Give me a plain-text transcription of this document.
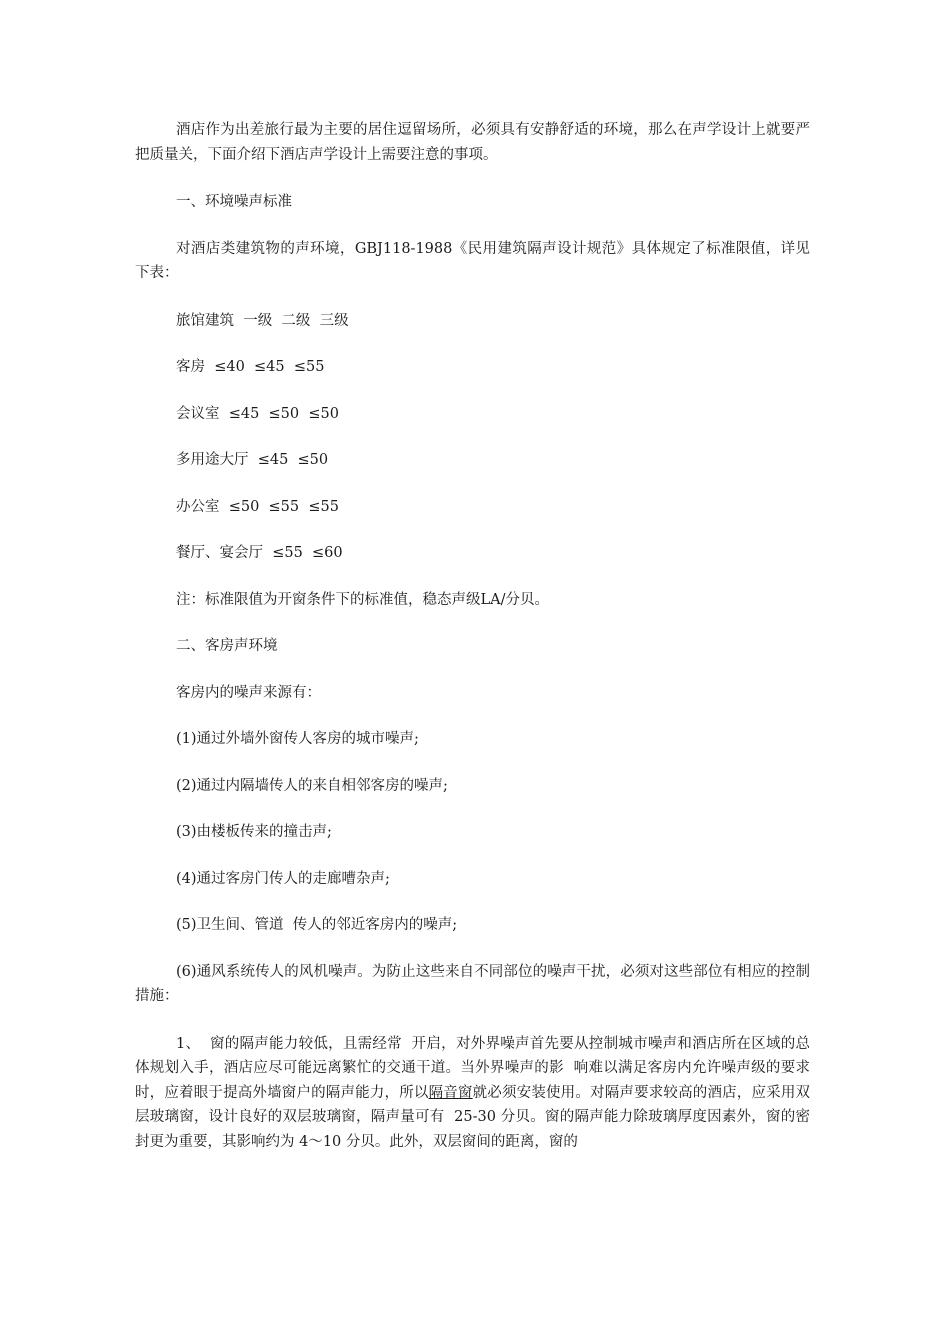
酒店作为出差旅行最为主要的居住逗留场所，必须具有安静舒适的环境，那么在声学设计上就要严把质量关，下面介绍下酒店声学设计上需要注意的事项。

一、环境噪声标准

对酒店类建筑物的声环境，GBJ118-1988《民用建筑隔声设计规范》具体规定了标准限值，详见下表：

旅馆建筑  一级  二级  三级

客房  ≤40  ≤45  ≤55

会议室  ≤45  ≤50  ≤50

多用途大厅  ≤45  ≤50

办公室  ≤50  ≤55  ≤55

餐厅、宴会厅  ≤55  ≤60

注：标准限值为开窗条件下的标准值，稳态声级LA/分贝。

二、客房声环境

客房内的噪声来源有：

(1)通过外墙外窗传人客房的城市噪声;

(2)通过内隔墙传人的来自相邻客房的噪声;

(3)由楼板传来的撞击声;

(4)通过客房门传人的走廊嘈杂声;

(5)卫生间、管道  传人的邻近客房内的噪声;

(6)通风系统传人的风机噪声。为防止这些来自不同部位的噪声干扰，必须对这些部位有相应的控制措施：

1、  窗的隔声能力较低，且需经常  开启，对外界噪声首先要从控制城市噪声和酒店所在区域的总体规划入手，酒店应尽可能远离繁忙的交通干道。当外界噪声的影  响难以满足客房内允许噪声级的要求时，应着眼于提高外墙窗户的隔声能力，所以隔音窗就必须安装使用。对隔声要求较高的酒店，应采用双层玻璃窗，设计良好的双层玻璃窗，隔声量可有  25-30 分贝。窗的隔声能力除玻璃厚度因素外，窗的密封更为重要，其影响约为 4～10 分贝。此外，双层窗间的距离，窗的
